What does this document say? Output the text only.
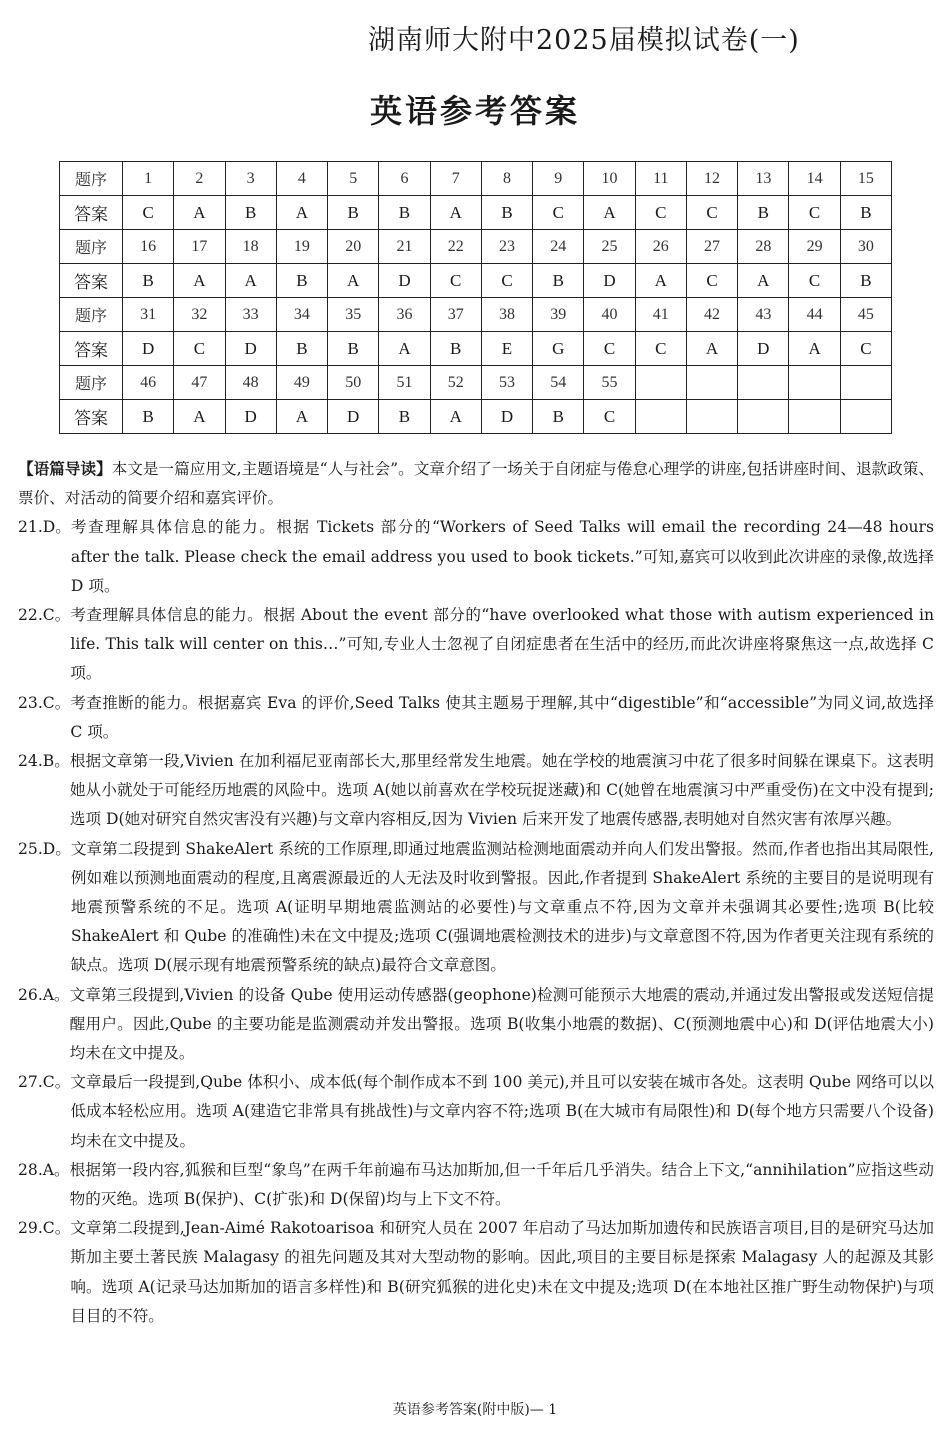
湖南师大附中2025届模拟试卷(一)
英语参考答案
题序	1	2	3	4	5	6	7	8	9	10	11	12	13	14	15
答案	C	A	B	A	B	B	A	B	C	A	C	C	B	C	B
题序	16	17	18	19	20	21	22	23	24	25	26	27	28	29	30
答案	B	A	A	B	A	D	C	C	B	D	A	C	A	C	B
题序	31	32	33	34	35	36	37	38	39	40	41	42	43	44	45
答案	D	C	D	B	B	A	B	E	G	C	C	A	D	A	C
题序	46	47	48	49	50	51	52	53	54	55					
答案	B	A	D	A	D	B	A	D	B	C					

【语篇导读】本文是一篇应用文,主题语境是“人与社会”。文章介绍了一场关于自闭症与倦怠心理学的讲座,包括讲座时间、退款政策、票价、对活动的简要介绍和嘉宾评价。

21.D。 考查理解具体信息的能力。根据 Tickets 部分的“Workers of Seed Talks will email the recording 24—48 hours after the talk. Please check the email address you used to book tickets.”可知,嘉宾可以收到此次讲座的录像,故选择 D 项。

22.C。 考查理解具体信息的能力。根据 About the event 部分的“have overlooked what those with autism experienced in life. This talk will center on this…”可知,专业人士忽视了自闭症患者在生活中的经历,而此次讲座将聚焦这一点,故选择 C 项。

23.C。 考查推断的能力。根据嘉宾 Eva 的评价,Seed Talks 使其主题易于理解,其中“digestible”和“accessible”为同义词,故选择 C 项。

24.B。 根据文章第一段,Vivien 在加利福尼亚南部长大,那里经常发生地震。她在学校的地震演习中花了很多时间躲在课桌下。这表明她从小就处于可能经历地震的风险中。选项 A(她以前喜欢在学校玩捉迷藏)和 C(她曾在地震演习中严重受伤)在文中没有提到;选项 D(她对研究自然灾害没有兴趣)与文章内容相反,因为 Vivien 后来开发了地震传感器,表明她对自然灾害有浓厚兴趣。

25.D。 文章第二段提到 ShakeAlert 系统的工作原理,即通过地震监测站检测地面震动并向人们发出警报。然而,作者也指出其局限性,例如难以预测地面震动的程度,且离震源最近的人无法及时收到警报。因此,作者提到 ShakeAlert 系统的主要目的是说明现有地震预警系统的不足。选项 A(证明早期地震监测站的必要性)与文章重点不符,因为文章并未强调其必要性;选项 B(比较 ShakeAlert 和 Qube 的准确性)未在文中提及;选项 C(强调地震检测技术的进步)与文章意图不符,因为作者更关注现有系统的缺点。选项 D(展示现有地震预警系统的缺点)最符合文章意图。

26.A。 文章第三段提到,Vivien 的设备 Qube 使用运动传感器(geophone)检测可能预示大地震的震动,并通过发出警报或发送短信提醒用户。因此,Qube 的主要功能是监测震动并发出警报。选项 B(收集小地震的数据)、C(预测地震中心)和 D(评估地震大小)均未在文中提及。

27.C。 文章最后一段提到,Qube 体积小、成本低(每个制作成本不到 100 美元),并且可以安装在城市各处。这表明 Qube 网络可以以低成本轻松应用。选项 A(建造它非常具有挑战性)与文章内容不符;选项 B(在大城市有局限性)和 D(每个地方只需要八个设备)均未在文中提及。

28.A。 根据第一段内容,狐猴和巨型“象鸟”在两千年前遍布马达加斯加,但一千年后几乎消失。结合上下文,“annihilation”应指这些动物的灭绝。选项 B(保护)、C(扩张)和 D(保留)均与上下文不符。

29.C。 文章第二段提到,Jean-Aimé Rakotoarisoa 和研究人员在 2007 年启动了马达加斯加遗传和民族语言项目,目的是研究马达加斯加主要土著民族 Malagasy 的祖先问题及其对大型动物的影响。因此,项目的主要目标是探索 Malagasy 人的起源及其影响。选项 A(记录马达加斯加的语言多样性)和 B(研究狐猴的进化史)未在文中提及;选项 D(在本地社区推广野生动物保护)与项目目的不符。

英语参考答案(附中版)— 1
